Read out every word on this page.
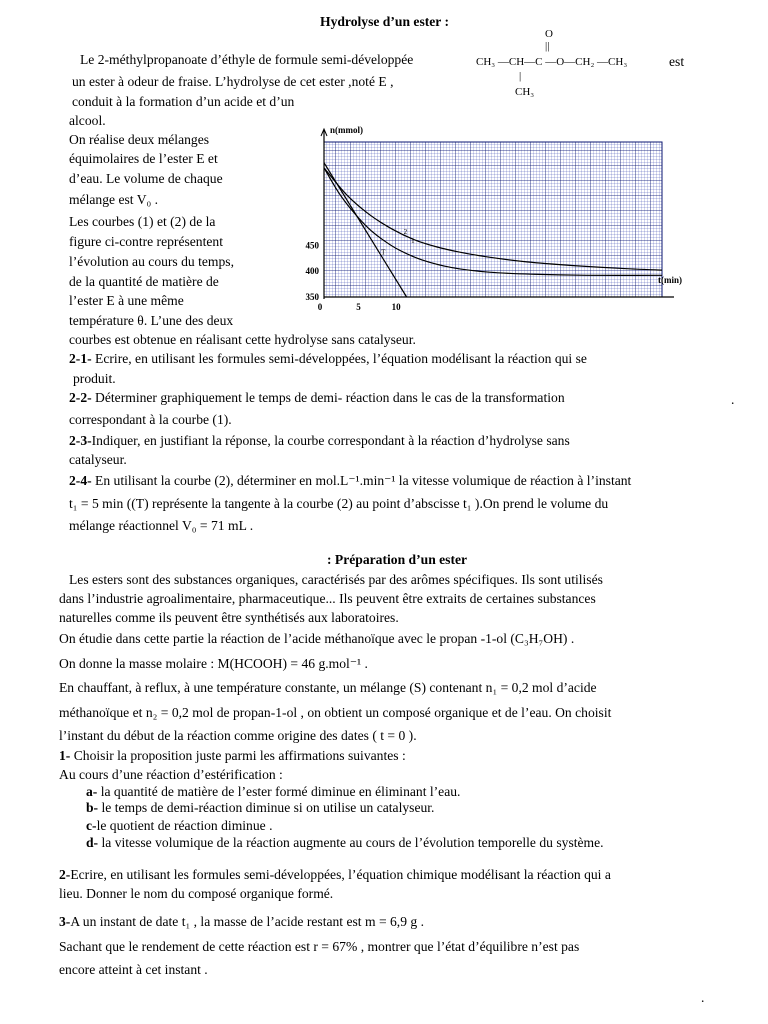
Hydrolyse d’un ester :
Le 2-méthylpropanoate d’éthyle de formule semi-développée	est
un ester à odeur de fraise. L’hydrolyse de cet ester ,noté E ,
conduit à la formation d’un acide et d’un
alcool.
O
||
CH₃ —CH—C —O—CH₂ —CH₃
|
CH₃
On réalise deux mélanges
équimolaires de l’ester E et
d’eau. Le volume de chaque
mélange est V₀ .
Les courbes (1) et (2) de la
figure ci-contre représentent
l’évolution au cours du temps,
de la quantité de matière de
l’ester E à une même
température θ. L’une des deux
n(mmol)
t(min)
0	5	10
350
400
450	1
2
T
courbes est obtenue en réalisant cette hydrolyse sans catalyseur.
2-1- Ecrire, en utilisant les formules semi-développées, l’équation modélisant la réaction qui se
produit.
2-2- Déterminer graphiquement le temps de demi- réaction dans le cas de la transformation
correspondant à la courbe (1).
2-3-Indiquer, en justifiant la réponse, la courbe correspondant à la réaction d’hydrolyse sans
catalyseur.
2-4- En utilisant la courbe (2), déterminer en mol.L⁻¹.min⁻¹ la vitesse volumique de réaction à l’instant
t₁ = 5 min ((T) représente la tangente à la courbe (2) au point d’abscisse t₁ ).On prend le volume du
mélange réactionnel V₀ = 71 mL .
: Préparation d’un ester
Les esters sont des substances organiques, caractérisés par des arômes spécifiques. Ils sont utilisés
dans l’industrie agroalimentaire, pharmaceutique... Ils peuvent être extraits de certaines substances
naturelles comme ils peuvent être synthétisés aux laboratoires.
On étudie dans cette partie la réaction de l’acide méthanoïque avec le propan -1-ol (C₃H₇OH) .
On donne la masse molaire : M(HCOOH) = 46 g.mol⁻¹ .
En chauffant, à reflux, à une température constante, un mélange (S) contenant n₁ = 0,2 mol d’acide
méthanoïque et n₂ = 0,2 mol de propan-1-ol , on obtient un composé organique et de l’eau. On choisit
l’instant du début de la réaction comme origine des dates ( t = 0 ).
1- Choisir la proposition juste parmi les affirmations suivantes :
Au cours d’une réaction d’estérification :
a- la quantité de matière de l’ester formé diminue en éliminant l’eau.
b- le temps de demi-réaction diminue si on utilise un catalyseur.
c-le quotient de réaction diminue .
d- la vitesse volumique de la réaction augmente au cours de l’évolution temporelle du système.
2-Ecrire, en utilisant les formules semi-développées, l’équation chimique modélisant la réaction qui a
lieu. Donner le nom du composé organique formé.
3-A un instant de date t₁ , la masse de l’acide restant est m = 6,9 g .
Sachant que le rendement de cette réaction est r = 67% , montrer que l’état d’équilibre n’est pas
encore atteint à cet instant .
.
.
